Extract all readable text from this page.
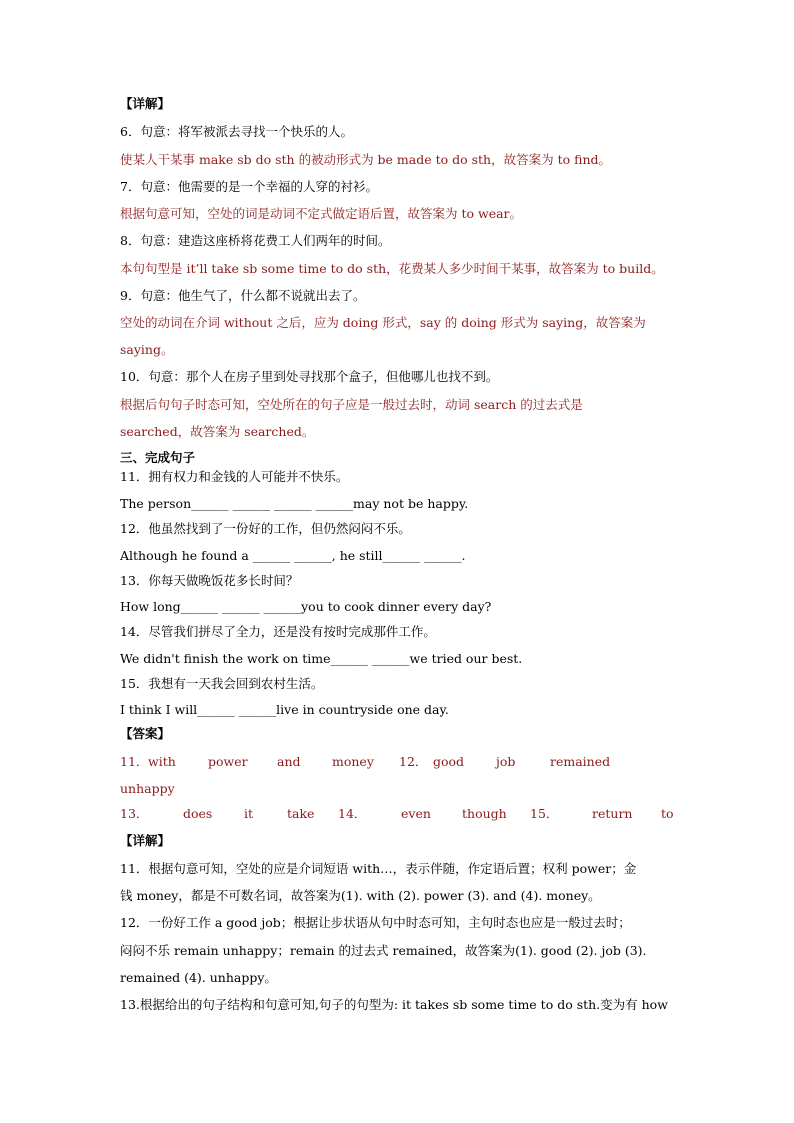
【详解】
6．句意：将军被派去寻找一个快乐的人。
使某人干某事 make sb do sth 的被动形式为 be made to do sth，故答案为 to find。
7．句意：他需要的是一个幸福的人穿的衬衫。
根据句意可知，空处的词是动词不定式做定语后置，故答案为 to wear。
8．句意：建造这座桥将花费工人们两年的时间。
本句句型是 it’ll take sb some time to do sth，花费某人多少时间干某事，故答案为 to build。
9．句意：他生气了，什么都不说就出去了。
空处的动词在介词 without 之后，应为 doing 形式，say 的 doing 形式为 saying，故答案为
saying。
10．句意：那个人在房子里到处寻找那个盒子，但他哪儿也找不到。
根据后句句子时态可知，空处所在的句子应是一般过去时，动词 search 的过去式是
searched，故答案为 searched。
三、完成句子
11．拥有权力和金钱的人可能并不快乐。
The person______ ______ ______ ______may not be happy.
12．他虽然找到了一份好的工作，但仍然闷闷不乐。
Although he found a ______ ______, he still______ ______.
13．你每天做晚饭花多长时间？
How long______ ______ ______you to cook dinner every day?
14．尽管我们拼尽了全力，还是没有按时完成那件工作。
We didn't finish the work on time______ ______we tried our best.
15．我想有一天我会回到农村生活。
I think I will______ ______live in countryside one day.
【答案】
11． with	power and	money 12． good	job	remained
unhappy
13．	does	it	take 14．	even though 15．	return to
【详解】
11．根据句意可知，空处的应是介词短语 with…，表示伴随，作定语后置；权利 power；金
钱 money，都是不可数名词，故答案为(1). with (2). power (3). and (4). money。
12．一份好工作 a good job；根据让步状语从句中时态可知，主句时态也应是一般过去时；
闷闷不乐 remain unhappy；remain 的过去式 remained，故答案为(1). good (2). job (3).
remained (4). unhappy。
13.根据给出的句子结构和句意可知,句子的句型为: it takes sb some time to do sth.变为有 how
